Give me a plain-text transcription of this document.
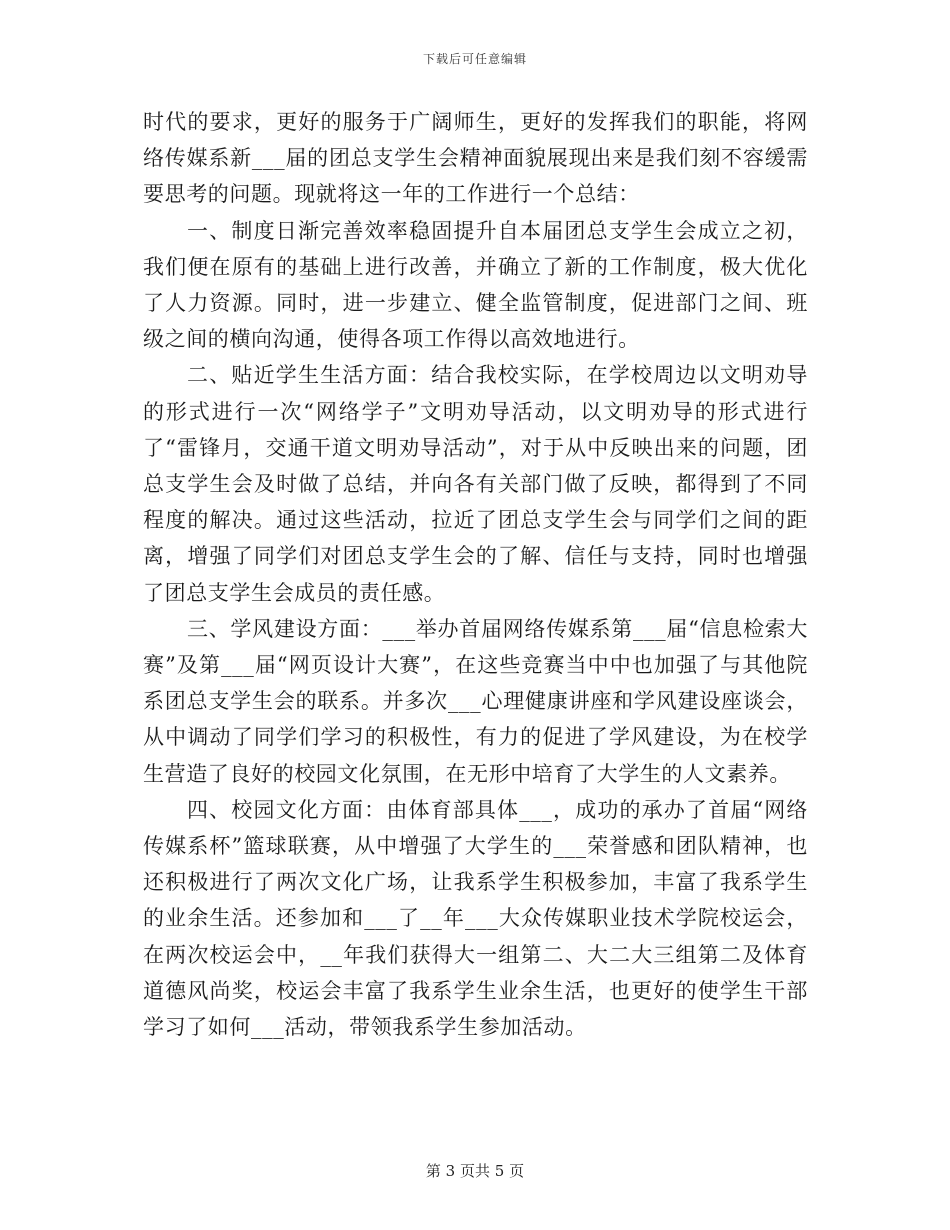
下载后可任意编辑

时代的要求，更好的服务于广阔师生，更好的发挥我们的职能，将网络传媒系新___届的团总支学生会精神面貌展现出来是我们刻不容缓需要思考的问题。现就将这一年的工作进行一个总结：

一、制度日渐完善效率稳固提升自本届团总支学生会成立之初，我们便在原有的基础上进行改善，并确立了新的工作制度，极大优化了人力资源。同时，进一步建立、健全监管制度，促进部门之间、班级之间的横向沟通，使得各项工作得以高效地进行。

二、贴近学生生活方面：结合我校实际，在学校周边以文明劝导的形式进行一次“网络学子”文明劝导活动，以文明劝导的形式进行了“雷锋月，交通干道文明劝导活动”，对于从中反映出来的问题，团总支学生会及时做了总结，并向各有关部门做了反映，都得到了不同程度的解决。通过这些活动，拉近了团总支学生会与同学们之间的距离，增强了同学们对团总支学生会的了解、信任与支持，同时也增强了团总支学生会成员的责任感。

三、学风建设方面：___举办首届网络传媒系第___届“信息检索大赛”及第___届“网页设计大赛”，在这些竞赛当中中也加强了与其他院系团总支学生会的联系。并多次___心理健康讲座和学风建设座谈会，从中调动了同学们学习的积极性，有力的促进了学风建设，为在校学生营造了良好的校园文化氛围，在无形中培育了大学生的人文素养。

四、校园文化方面：由体育部具体___，成功的承办了首届“网络传媒系杯”篮球联赛，从中增强了大学生的___荣誉感和团队精神，也还积极进行了两次文化广场，让我系学生积极参加，丰富了我系学生的业余生活。还参加和___了__年___大众传媒职业技术学院校运会，在两次校运会中，__年我们获得大一组第二、大二大三组第二及体育道德风尚奖，校运会丰富了我系学生业余生活，也更好的使学生干部学习了如何___活动，带领我系学生参加活动。

第 3 页共 5 页
